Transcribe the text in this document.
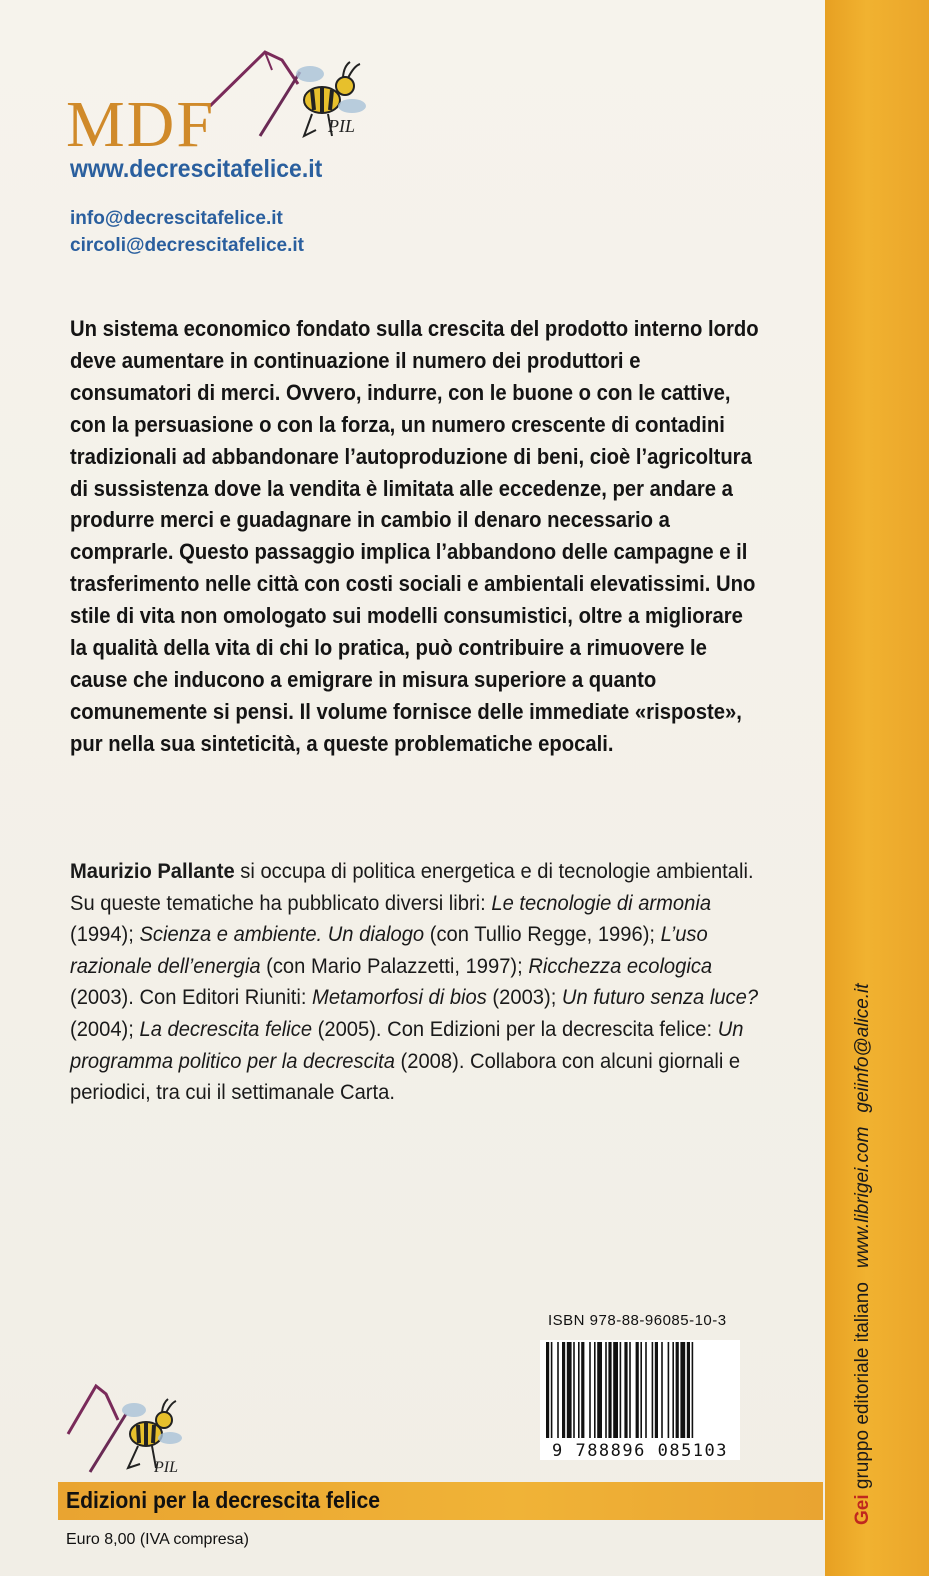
PIL
MDF
www.decrescitafelice.it
info@decrescitafelice.it
circoli@decrescitafelice.it
Un sistema economico fondato sulla crescita del prodotto interno lordo deve aumentare in continuazione il numero dei produttori e consumatori di merci. Ovvero, indurre, con le buone o con le cattive, con la persuasione o con la forza, un numero crescente di contadini tradizionali ad abbandonare l’autoproduzione di beni, cioè l’agricoltura di sussistenza dove la vendita è limitata alle eccedenze, per andare a produrre merci e guadagnare in cambio il denaro necessario a comprarle. Questo passaggio implica l’abbandono delle campagne e il trasferimento nelle città con costi sociali e ambientali elevatissimi. Uno stile di vita non omologato sui modelli consumistici, oltre a migliorare la qualità della vita di chi lo pratica, può contribuire a rimuovere le cause che inducono a emigrare in misura superiore a quanto comunemente si pensi. Il volume fornisce delle immediate «risposte», pur nella sua sinteticità, a queste problematiche epocali.
Maurizio Pallante si occupa di politica energetica e di tecnologie ambientali. Su queste tematiche ha pubblicato diversi libri: Le tecnologie di armonia (1994); Scienza e ambiente. Un dialogo (con Tullio Regge, 1996); L’uso razionale dell’energia (con Mario Palazzetti, 1997); Ricchezza ecologica (2003). Con Editori Riuniti: Metamorfosi di bios (2003); Un futuro senza luce? (2004); La decrescita felice (2005). Con Edizioni per la decrescita felice: Un programma politico per la decrescita (2008). Collabora con alcuni giornali e periodici, tra cui il settimanale Carta.
ISBN 978-88-96085-10-3
9 788896 085103
PIL
Edizioni per la decrescita felice
Euro 8,00 (IVA compresa)
Gei gruppo editoriale italianowww.librigei.comgeiinfo@alice.it
